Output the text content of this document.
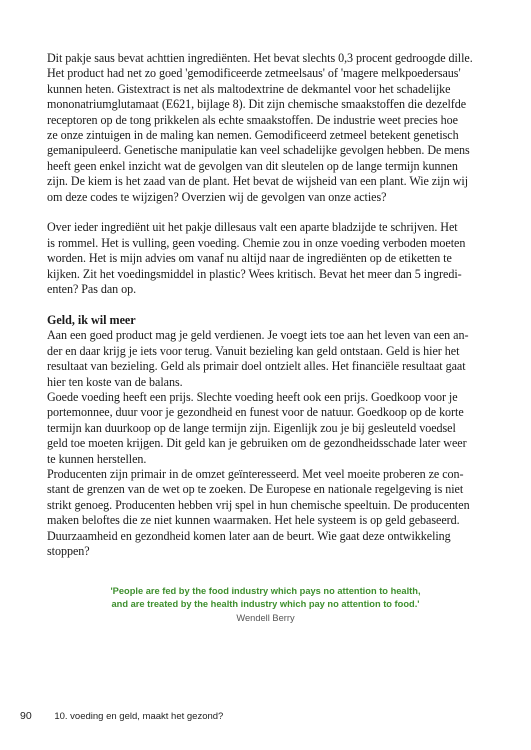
Dit pakje saus bevat achttien ingrediënten. Het bevat slechts 0,3 procent gedroogde dille.
Het product had net zo goed 'gemodificeerde zetmeelsaus' of 'magere melkpoedersaus'
kunnen heten. Gistextract is net als maltodextrine de dekmantel voor het schadelijke
mononatriumglutamaat (E621, bijlage 8). Dit zijn chemische smaakstoffen die dezelfde
receptoren op de tong prikkelen als echte smaakstoffen. De industrie weet precies hoe
ze onze zintuigen in de maling kan nemen. Gemodificeerd zetmeel betekent genetisch
gemanipuleerd. Genetische manipulatie kan veel schadelijke gevolgen hebben. De mens
heeft geen enkel inzicht wat de gevolgen van dit sleutelen op de lange termijn kunnen
zijn. De kiem is het zaad van de plant. Het bevat de wijsheid van een plant. Wie zijn wij
om deze codes te wijzigen? Overzien wij de gevolgen van onze acties?

Over ieder ingrediënt uit het pakje dillesaus valt een aparte bladzijde te schrijven. Het
is rommel. Het is vulling, geen voeding. Chemie zou in onze voeding verboden moeten
worden. Het is mijn advies om vanaf nu altijd naar de ingrediënten op de etiketten te
kijken. Zit het voedingsmiddel in plastic? Wees kritisch. Bevat het meer dan 5 ingredi-
enten? Pas dan op.

Geld, ik wil meer

Aan een goed product mag je geld verdienen. Je voegt iets toe aan het leven van een an-
der en daar krijg je iets voor terug. Vanuit bezieling kan geld ontstaan. Geld is hier het
resultaat van bezieling. Geld als primair doel ontzielt alles. Het financiële resultaat gaat
hier ten koste van de balans.

Goede voeding heeft een prijs. Slechte voeding heeft ook een prijs. Goedkoop voor je
portemonnee, duur voor je gezondheid en funest voor de natuur. Goedkoop op de korte
termijn kan duurkoop op de lange termijn zijn. Eigenlijk zou je bij gesleuteld voedsel
geld toe moeten krijgen. Dit geld kan je gebruiken om de gezondheidsschade later weer
te kunnen herstellen.

Producenten zijn primair in de omzet geïnteresseerd. Met veel moeite proberen ze con-
stant de grenzen van de wet op te zoeken. De Europese en nationale regelgeving is niet
strikt genoeg. Producenten hebben vrij spel in hun chemische speeltuin. De producenten
maken beloftes die ze niet kunnen waarmaken. Het hele systeem is op geld gebaseerd.
Duurzaamheid en gezondheid komen later aan de beurt. Wie gaat deze ontwikkeling
stoppen?

'People are fed by the food industry which pays no attention to health,
and are treated by the health industry which pay no attention to food.'
Wendell Berry
90 10. voeding en geld, maakt het gezond?
